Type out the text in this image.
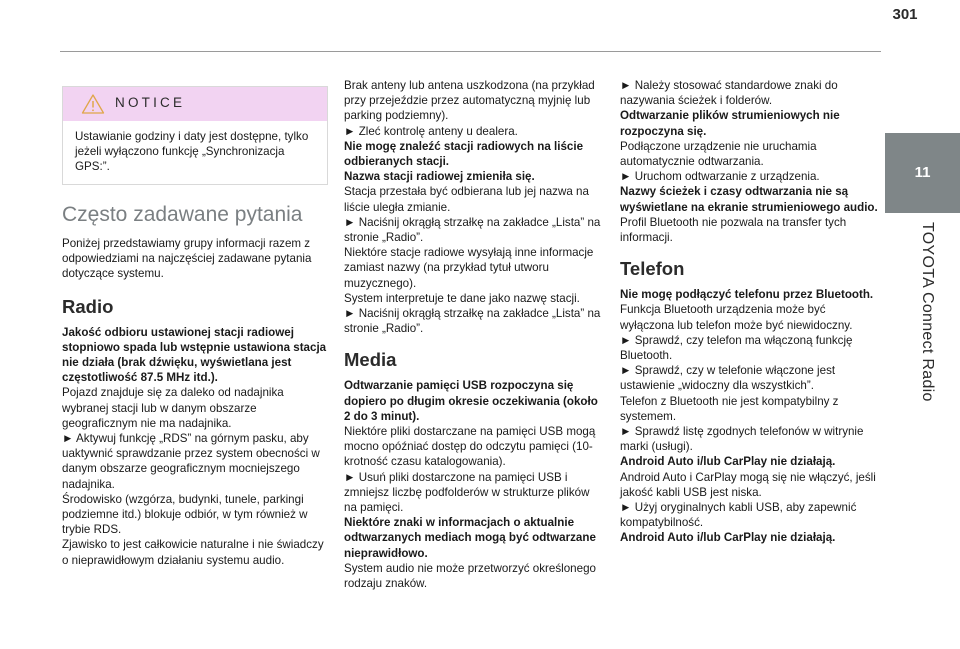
301
11
TOYOTA Connect Radio
NOTICE
Ustawianie godziny i daty jest dostępne, tylko jeżeli wyłączono funkcję „Synchronizacja GPS:”.
Często zadawane pytania

Poniżej przedstawiamy grupy informacji razem z odpowiedziami na najczęściej zadawane pytania dotyczące systemu.

Radio

Jakość odbioru ustawionej stacji radiowej stopniowo spada lub wstępnie ustawiona stacja nie działa (brak dźwięku, wyświetlana jest częstotliwość 87.5 MHz itd.).

Pojazd znajduje się za daleko od nadajnika wybranej stacji lub w danym obszarze geograficznym nie ma nadajnika.

► Aktywuj funkcję „RDS” na górnym pasku, aby uaktywnić sprawdzanie przez system obecności w danym obszarze geograficznym mocniejszego nadajnika.

Środowisko (wzgórza, budynki, tunele, parkingi podziemne itd.) blokuje odbiór, w tym również w trybie RDS.

Zjawisko to jest całkowicie naturalne i nie świadczy o nieprawidłowym działaniu systemu audio.

Brak anteny lub antena uszkodzona (na przykład przy przejeździe przez automatyczną myjnię lub parking podziemny).

► Zleć kontrolę anteny u dealera.

Nie mogę znaleźć stacji radiowych na liście odbieranych stacji.

Nazwa stacji radiowej zmieniła się.

Stacja przestała być odbierana lub jej nazwa na liście uległa zmianie.

► Naciśnij okrągłą strzałkę na zakładce „Lista” na stronie „Radio”.

Niektóre stacje radiowe wysyłają inne informacje zamiast nazwy (na przykład tytuł utworu muzycznego).

System interpretuje te dane jako nazwę stacji.

► Naciśnij okrągłą strzałkę na zakładce „Lista” na stronie „Radio”.

Media

Odtwarzanie pamięci USB rozpoczyna się dopiero po długim okresie oczekiwania (około 2 do 3 minut).

Niektóre pliki dostarczane na pamięci USB mogą mocno opóźniać dostęp do odczytu pamięci (10-krotność czasu katalogowania).

► Usuń pliki dostarczone na pamięci USB i zmniejsz liczbę podfolderów w strukturze plików na pamięci.

Niektóre znaki w informacjach o aktualnie odtwarzanych mediach mogą być odtwarzane nieprawidłowo.

System audio nie może przetworzyć określonego rodzaju znaków.

► Należy stosować standardowe znaki do nazywania ścieżek i folderów.

Odtwarzanie plików strumieniowych nie rozpoczyna się.

Podłączone urządzenie nie uruchamia automatycznie odtwarzania.

► Uruchom odtwarzanie z urządzenia.

Nazwy ścieżek i czasy odtwarzania nie są wyświetlane na ekranie strumieniowego audio.

Profil Bluetooth nie pozwala na transfer tych informacji.

Telefon

Nie mogę podłączyć telefonu przez Bluetooth.

Funkcja Bluetooth urządzenia może być wyłączona lub telefon może być niewidoczny.

► Sprawdź, czy telefon ma włączoną funkcję Bluetooth.

► Sprawdź, czy w telefonie włączone jest ustawienie „widoczny dla wszystkich”.

Telefon z Bluetooth nie jest kompatybilny z systemem.

► Sprawdź listę zgodnych telefonów w witrynie marki (usługi).

Android Auto i/lub CarPlay nie działają.

Android Auto i CarPlay mogą się nie włączyć, jeśli jakość kabli USB jest niska.

► Użyj oryginalnych kabli USB, aby zapewnić kompatybilność.

Android Auto i/lub CarPlay nie działają.
